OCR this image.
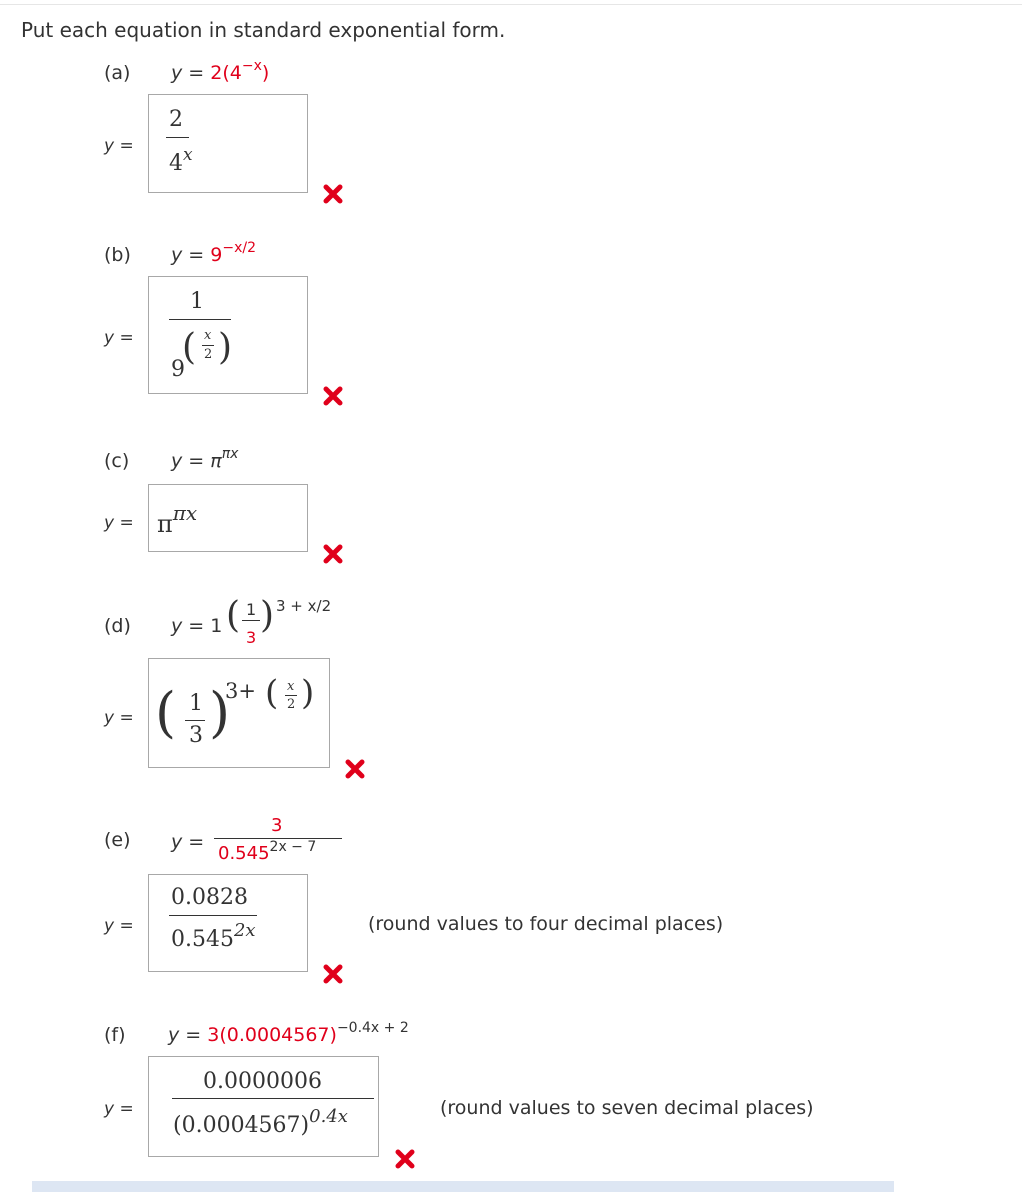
Put each equation in standard exponential form.
(a) $y = 2(4^{-x})$
y =
2
4$^x$
(b) $y = 9^{-x/2}$
y =
1
9
( x
2 )
(c) $y = \pi^{\pi x}$
$y = \pi^{\pi x}$
(d) y = 1 ( 1
3
) 3 + x/2
y = ( 1
3 )
3+ ( x
2 )
(e) y =
3
$0.545^{2x - 7}$
y =
0.0828
$0.545^{2x}$	(round values to four decimal places)
(f) $y = 3(0.0004567)^{-0.4x + 2}$
y =
0.0000006
$(0.0004567)^{0.4x}$	(round values to seven decimal places)
